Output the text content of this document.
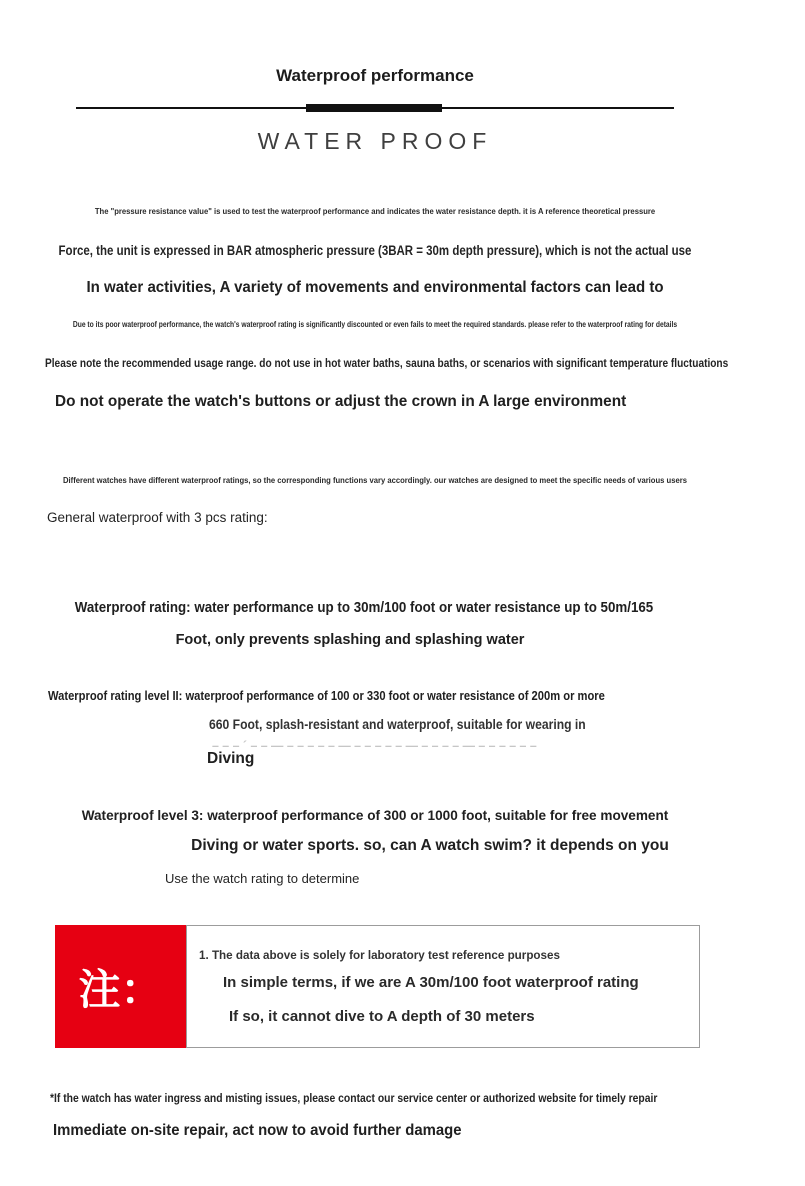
Waterproof performance
WATER PROOF
The "pressure resistance value" is used to test the waterproof performance and indicates the water resistance depth. it is A reference theoretical pressure
Force, the unit is expressed in BAR atmospheric pressure (3BAR = 30m depth pressure), which is not the actual use
In water activities, A variety of movements and environmental factors can lead to
Due to its poor waterproof performance, the watch's waterproof rating is significantly discounted or even fails to meet the required standards. please refer to the waterproof rating for details
Please note the recommended usage range. do not use in hot water baths, sauna baths, or scenarios with significant temperature fluctuations
Do not operate the watch's buttons or adjust the crown in A large environment
Different watches have different waterproof ratings, so the corresponding functions vary accordingly. our watches are designed to meet the specific needs of various users
General waterproof with 3 pcs rating:
Waterproof rating: water performance up to 30m/100 foot or water resistance up to 50m/165
Foot, only prevents splashing and splashing water
Waterproof rating level II: waterproof performance of 100 or 330 foot or water resistance of 200m or more
660 Foot, splash-resistant and waterproof, suitable for wearing in
– – – ´ – – — – – – – – — – – – – – — – – – – — – – – – – –
Diving
Waterproof level 3: waterproof performance of 300 or 1000 foot, suitable for free movement
Diving or water sports. so, can A watch swim? it depends on you
Use the watch rating to determine
注：
1. The data above is solely for laboratory test reference purposes
In simple terms, if we are A 30m/100 foot waterproof rating
If so, it cannot dive to A depth of 30 meters
*If the watch has water ingress and misting issues, please contact our service center or authorized website for timely repair
Immediate on-site repair, act now to avoid further damage
